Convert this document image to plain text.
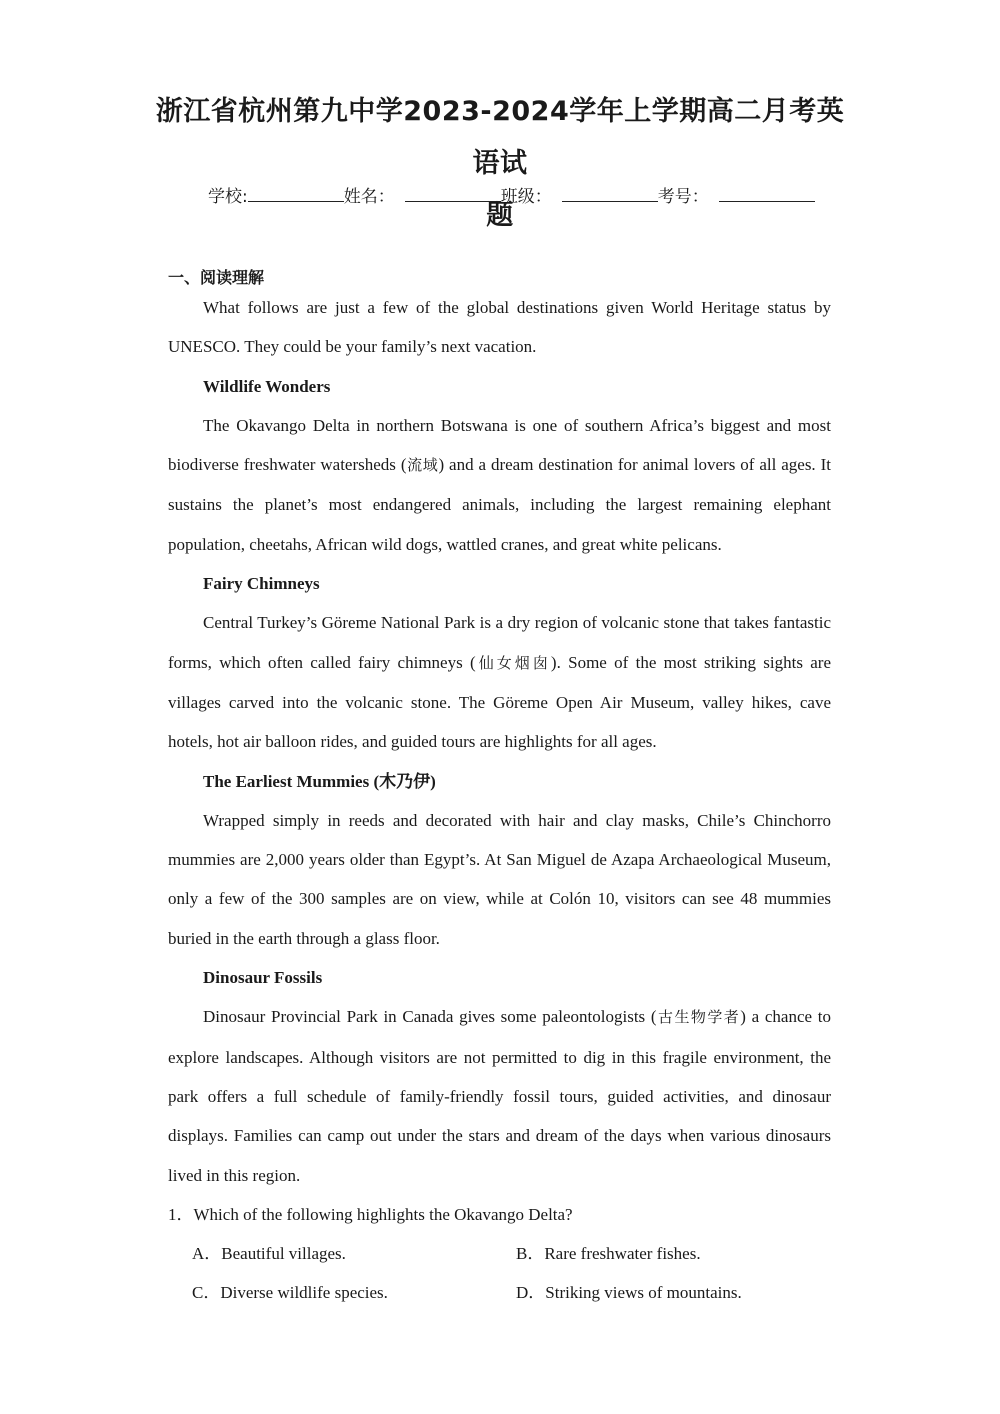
浙江省杭州第九中学2023-2024学年上学期高二月考英语试
题
学校:	姓名：	班级：	考号：
一、阅读理解

What follows are just a few of the global destinations given World Heritage status by UNESCO. They could be your family’s next vacation.

Wildlife Wonders

The Okavango Delta in northern Botswana is one of southern Africa’s biggest and most biodiverse freshwater watersheds (流域) and a dream destination for animal lovers of all ages. It sustains the planet’s most endangered animals, including the largest remaining elephant population, cheetahs, African wild dogs, wattled cranes, and great white pelicans.

Fairy Chimneys

Central Turkey’s Göreme National Park is a dry region of volcanic stone that takes fantastic forms, which often called fairy chimneys (仙女烟囱). Some of the most striking sights are villages carved into the volcanic stone. The Göreme Open Air Museum, valley hikes, cave hotels, hot air balloon rides, and guided tours are highlights for all ages.

The Earliest Mummies (木乃伊)

Wrapped simply in reeds and decorated with hair and clay masks, Chile’s Chinchorro mummies are 2,000 years older than Egypt’s. At San Miguel de Azapa Archaeological Museum, only a few of the 300 samples are on view, while at Colón 10, visitors can see 48 mummies buried in the earth through a glass floor.

Dinosaur Fossils

Dinosaur Provincial Park in Canada gives some paleontologists (古生物学者) a chance to explore landscapes. Although visitors are not permitted to dig in this fragile environment, the park offers a full schedule of family-friendly fossil tours, guided activities, and dinosaur displays. Families can camp out under the stars and dream of the days when various dinosaurs lived in this region.

1．Which of the following highlights the Okavango Delta?

A．Beautiful villages.	B．Rare freshwater fishes.
C．Diverse wildlife species.	D．Striking views of mountains.
